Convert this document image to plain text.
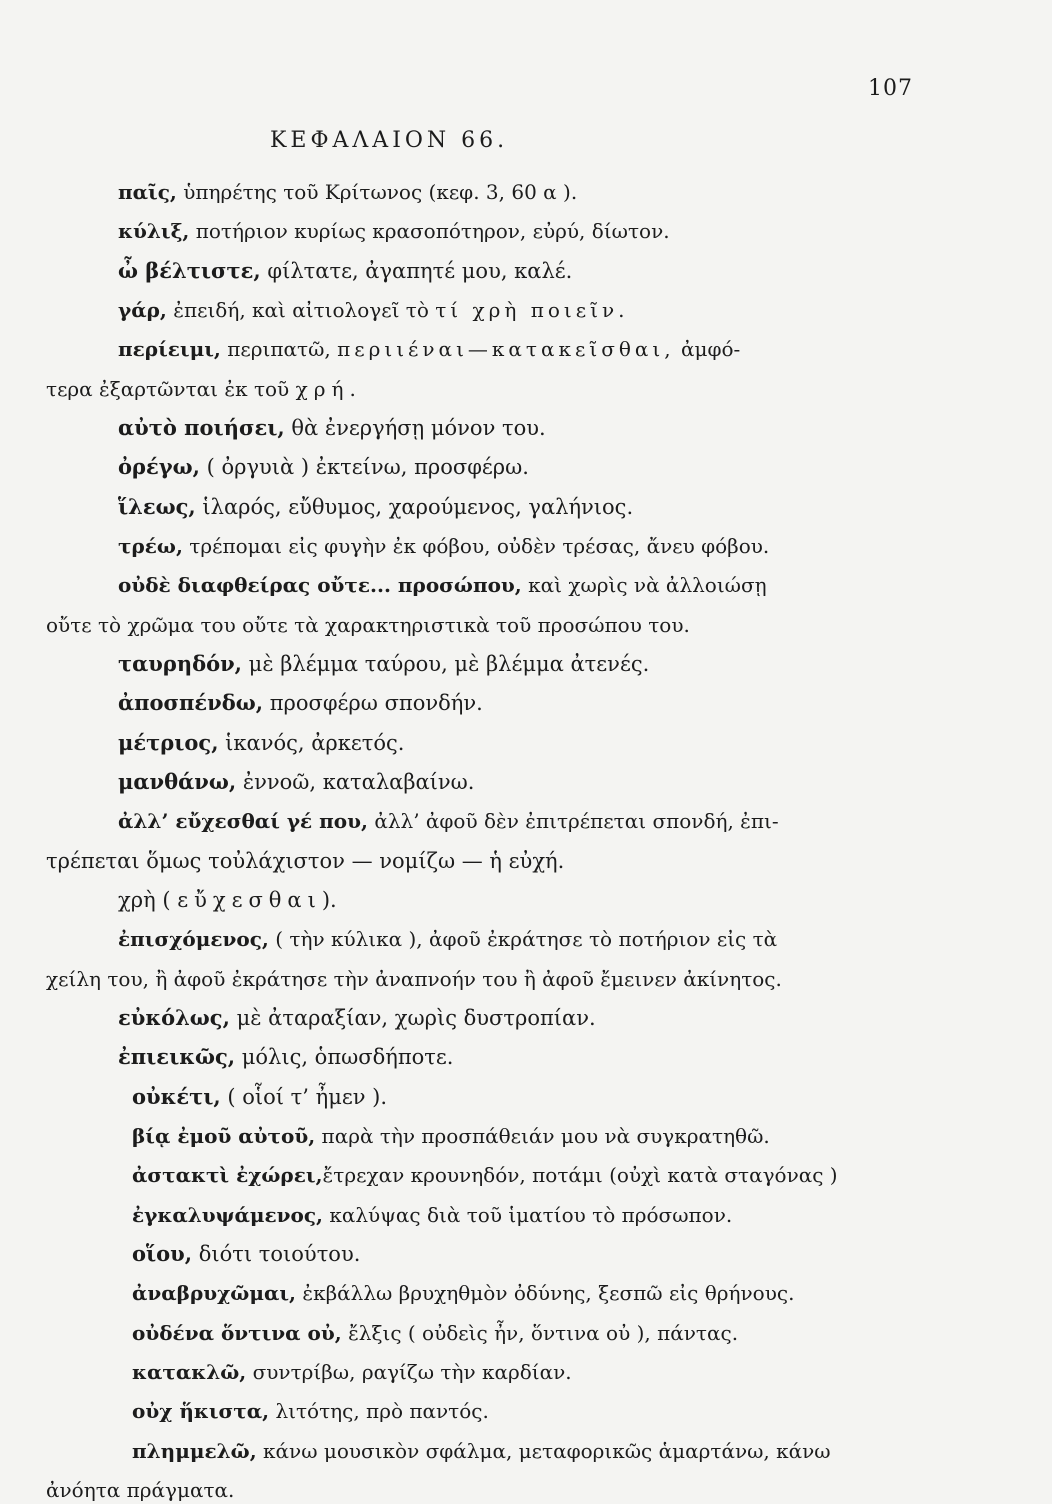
107
ΚΕΦΑΛΑΙΟΝ 66.
παῖς, ὑπηρέτης τοῦ Κρίτωνος (κεφ. 3, 60 α ).
κύλιξ, ποτήριον κυρίως κρασοπότηρον, εὐρύ, δίωτον.
ὦ βέλτιστε, φίλτατε, ἀγαπητέ μου, καλέ.
γάρ, ἐπειδή, καὶ αἰτιολογεῖ τὸ τί χρὴ ποιεῖν.
περίειμι, περιπατῶ, περιιέναι—κατακεῖσθαι, ἀμφό-
τερα ἐξαρτῶνται ἐκ τοῦ χρή.
αὐτὸ ποιήσει, θὰ ἐνεργήσῃ μόνον του.
ὀρέγω, ( ὀργυιὰ ) ἐκτείνω, προσφέρω.
ἵλεως, ἱλαρός, εὔθυμος, χαρούμενος, γαλήνιος.
τρέω, τρέπομαι εἰς φυγὴν ἐκ φόβου, οὐδὲν τρέσας, ἄνευ φόβου.
οὐδὲ διαφθείρας οὔτε... προσώπου, καὶ χωρὶς νὰ ἀλλοιώσῃ
οὔτε τὸ χρῶμα του οὔτε τὰ χαρακτηριστικὰ τοῦ προσώπου του.
ταυρηδόν, μὲ βλέμμα ταύρου, μὲ βλέμμα ἀτενές.
ἀποσπένδω, προσφέρω σπονδήν.
μέτριος, ἱκανός, ἀρκετός.
μανθάνω, ἐννοῶ, καταλαβαίνω.
ἀλλ’ εὔχεσθαί γέ που, ἀλλ’ ἀφοῦ δὲν ἐπιτρέπεται σπονδή, ἐπι-
τρέπεται ὅμως τοὐλάχιστον — νομίζω — ἡ εὐχή.
χρὴ ( εὔχεσθαι).
ἐπισχόμενος, ( τὴν κύλικα ), ἀφοῦ ἐκράτησε τὸ ποτήριον εἰς τὰ
χείλη του, ἢ ἀφοῦ ἐκράτησε τὴν ἀναπνοήν του ἢ ἀφοῦ ἔμεινεν ἀκίνητος.
εὐκόλως, μὲ ἀταραξίαν, χωρὶς δυστροπίαν.
ἐπιεικῶς, μόλις, ὁπωσδήποτε.
οὐκέτι, ( οἷοί τ’ ἦμεν ).
βίᾳ ἐμοῦ αὐτοῦ, παρὰ τὴν προσπάθειάν μου νὰ συγκρατηθῶ.
ἀστακτὶ ἐχώρει,ἔτρεχαν κρουνηδόν, ποτάμι (οὐχὶ κατὰ σταγόνας )
ἐγκαλυψάμενος, καλύψας διὰ τοῦ ἱματίου τὸ πρόσωπον.
οἵου, διότι τοιούτου.
ἀναβρυχῶμαι, ἐκβάλλω βρυχηθμὸν ὀδύνης, ξεσπῶ εἰς θρήνους.
οὐδένα ὅντινα οὐ, ἔλξις ( οὐδεὶς ἦν, ὅντινα οὐ ), πάντας.
κατακλῶ, συντρίβω, ραγίζω τὴν καρδίαν.
οὐχ ἥκιστα, λιτότης, πρὸ παντός.
πλημμελῶ, κάνω μουσικὸν σφάλμα, μεταφορικῶς ἁμαρτάνω, κάνω
ἀνόητα πράγματα.
